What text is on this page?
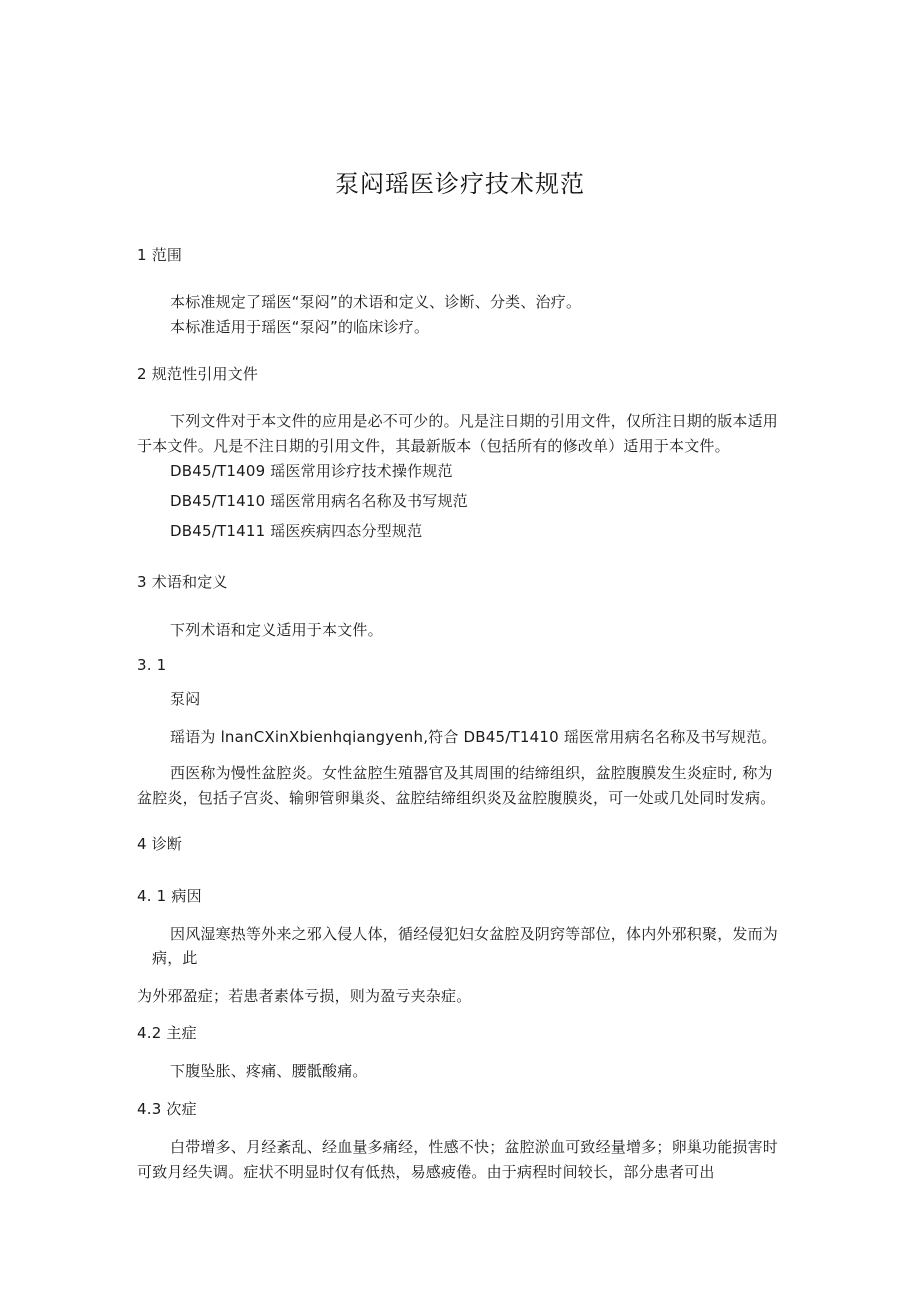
泵闷瑶医诊疗技术规范
1 范围
本标准规定了瑶医“泵闷”的术语和定义、诊断、分类、治疗。
本标准适用于瑶医“泵闷”的临床诊疗。
2 规范性引用文件
下列文件对于本文件的应用是必不可少的。凡是注日期的引用文件，仅所注日期的版本适用
于本文件。凡是不注日期的引用文件，其最新版本（包括所有的修改单）适用于本文件。
DB45/T1409 瑶医常用诊疗技术操作规范
DB45/T1410 瑶医常用病名名称及书写规范
DB45/T1411 瑶医疾病四态分型规范
3 术语和定义
下列术语和定义适用于本文件。
3. 1
泵闷
瑶语为 lnanCXinXbienhqiangyenh,符合 DB45/T1410 瑶医常用病名名称及书写规范。
西医称为慢性盆腔炎。女性盆腔生殖器官及其周围的结缔组织，盆腔腹膜发生炎症时, 称为
盆腔炎，包括子宫炎、输卵管卵巢炎、盆腔结缔组织炎及盆腔腹膜炎，可一处或几处同时发病。
4 诊断
4. 1 病因
因风湿寒热等外来之邪入侵人体，循经侵犯妇女盆腔及阴窍等部位，体内外邪积聚，发而为
病，此
为外邪盈症；若患者素体亏损，则为盈亏夹杂症。
4.2 主症
下腹坠胀、疼痛、腰骶酸痛。
4.3 次症
白带增多、月经紊乱、经血量多痛经，性感不快；盆腔淤血可致经量增多；卵巢功能损害时
可致月经失调。症状不明显时仅有低热，易感疲倦。由于病程时间较长，部分患者可出
